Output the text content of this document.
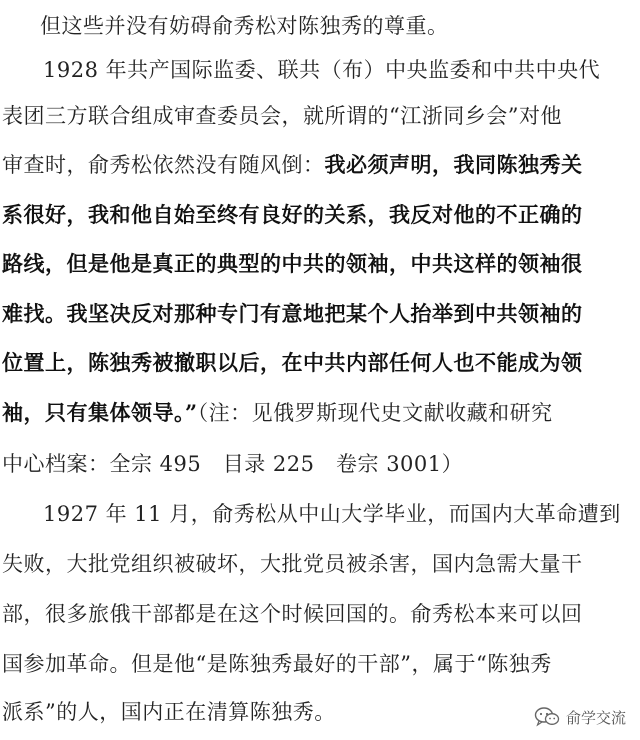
但这些并没有妨碍俞秀松对陈独秀的尊重。
1928 年共产国际监委、联共（布）中央监委和中共中央代
表团三方联合组成审查委员会，就所谓的“江浙同乡会”对他
审查时，俞秀松依然没有随风倒：我必须声明，我同陈独秀关
系很好，我和他自始至终有良好的关系，我反对他的不正确的
路线，但是他是真正的典型的中共的领袖，中共这样的领袖很
难找。我坚决反对那种专门有意地把某个人抬举到中共领袖的
位置上，陈独秀被撤职以后，在中共内部任何人也不能成为领
袖，只有集体领导。”（注：见俄罗斯现代史文献收藏和研究
中心档案：全宗 495　目录 225　卷宗 3001）
1927 年 11 月，俞秀松从中山大学毕业，而国内大革命遭到
失败，大批党组织被破坏，大批党员被杀害，国内急需大量干
部，很多旅俄干部都是在这个时候回国的。俞秀松本来可以回
国参加革命。但是他“是陈独秀最好的干部”，属于“陈独秀
派系”的人，国内正在清算陈独秀。	俞学交流
